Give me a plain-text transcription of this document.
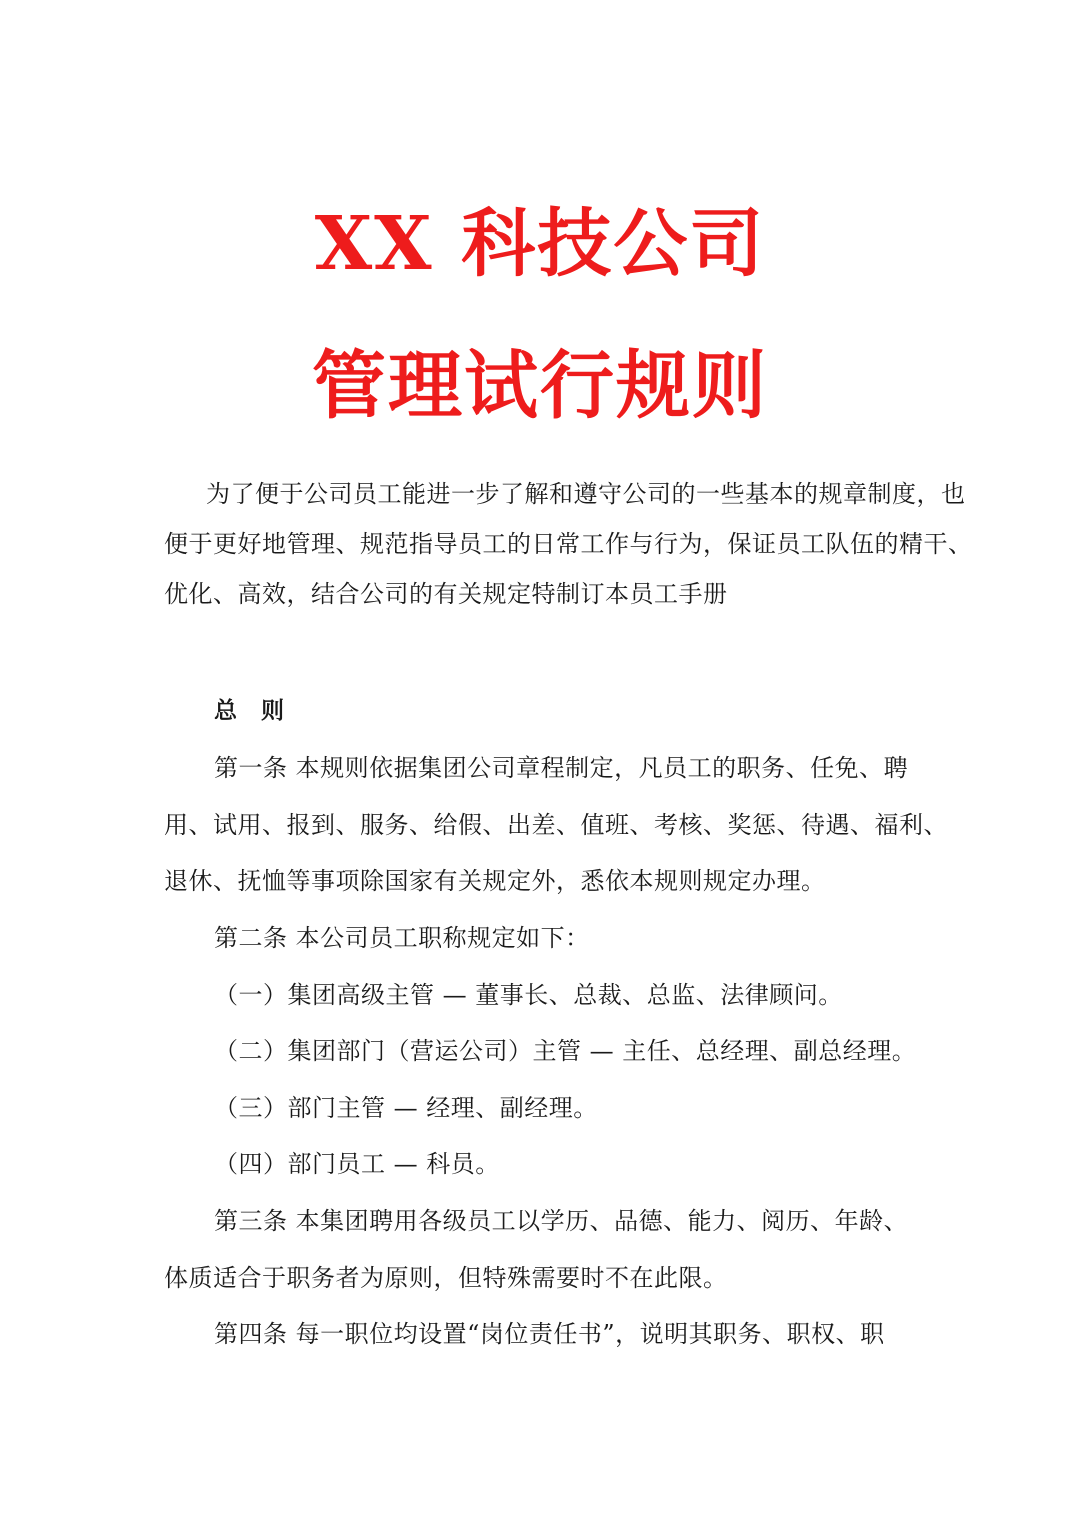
XX 科技公司
管理试行规则
为了便于公司员工能进一步了解和遵守公司的一些基本的规章制度，也
便于更好地管理、规范指导员工的日常工作与行为，保证员工队伍的精干、
优化、高效，结合公司的有关规定特制订本员工手册
总 则
第一条 本规则依据集团公司章程制定，凡员工的职务、任免、聘
用、试用、报到、服务、给假、出差、值班、考核、奖惩、待遇、福利、
退休、抚恤等事项除国家有关规定外，悉依本规则规定办理。
第二条 本公司员工职称规定如下：
（一）集团高级主管 — 董事长、总裁、总监、法律顾问。
（二）集团部门（营运公司）主管 — 主任、总经理、副总经理。
（三）部门主管 — 经理、副经理。
（四）部门员工 — 科员。
第三条 本集团聘用各级员工以学历、品德、能力、阅历、年龄、
体质适合于职务者为原则，但特殊需要时不在此限。
第四条 每一职位均设置“岗位责任书”，说明其职务、职权、职
